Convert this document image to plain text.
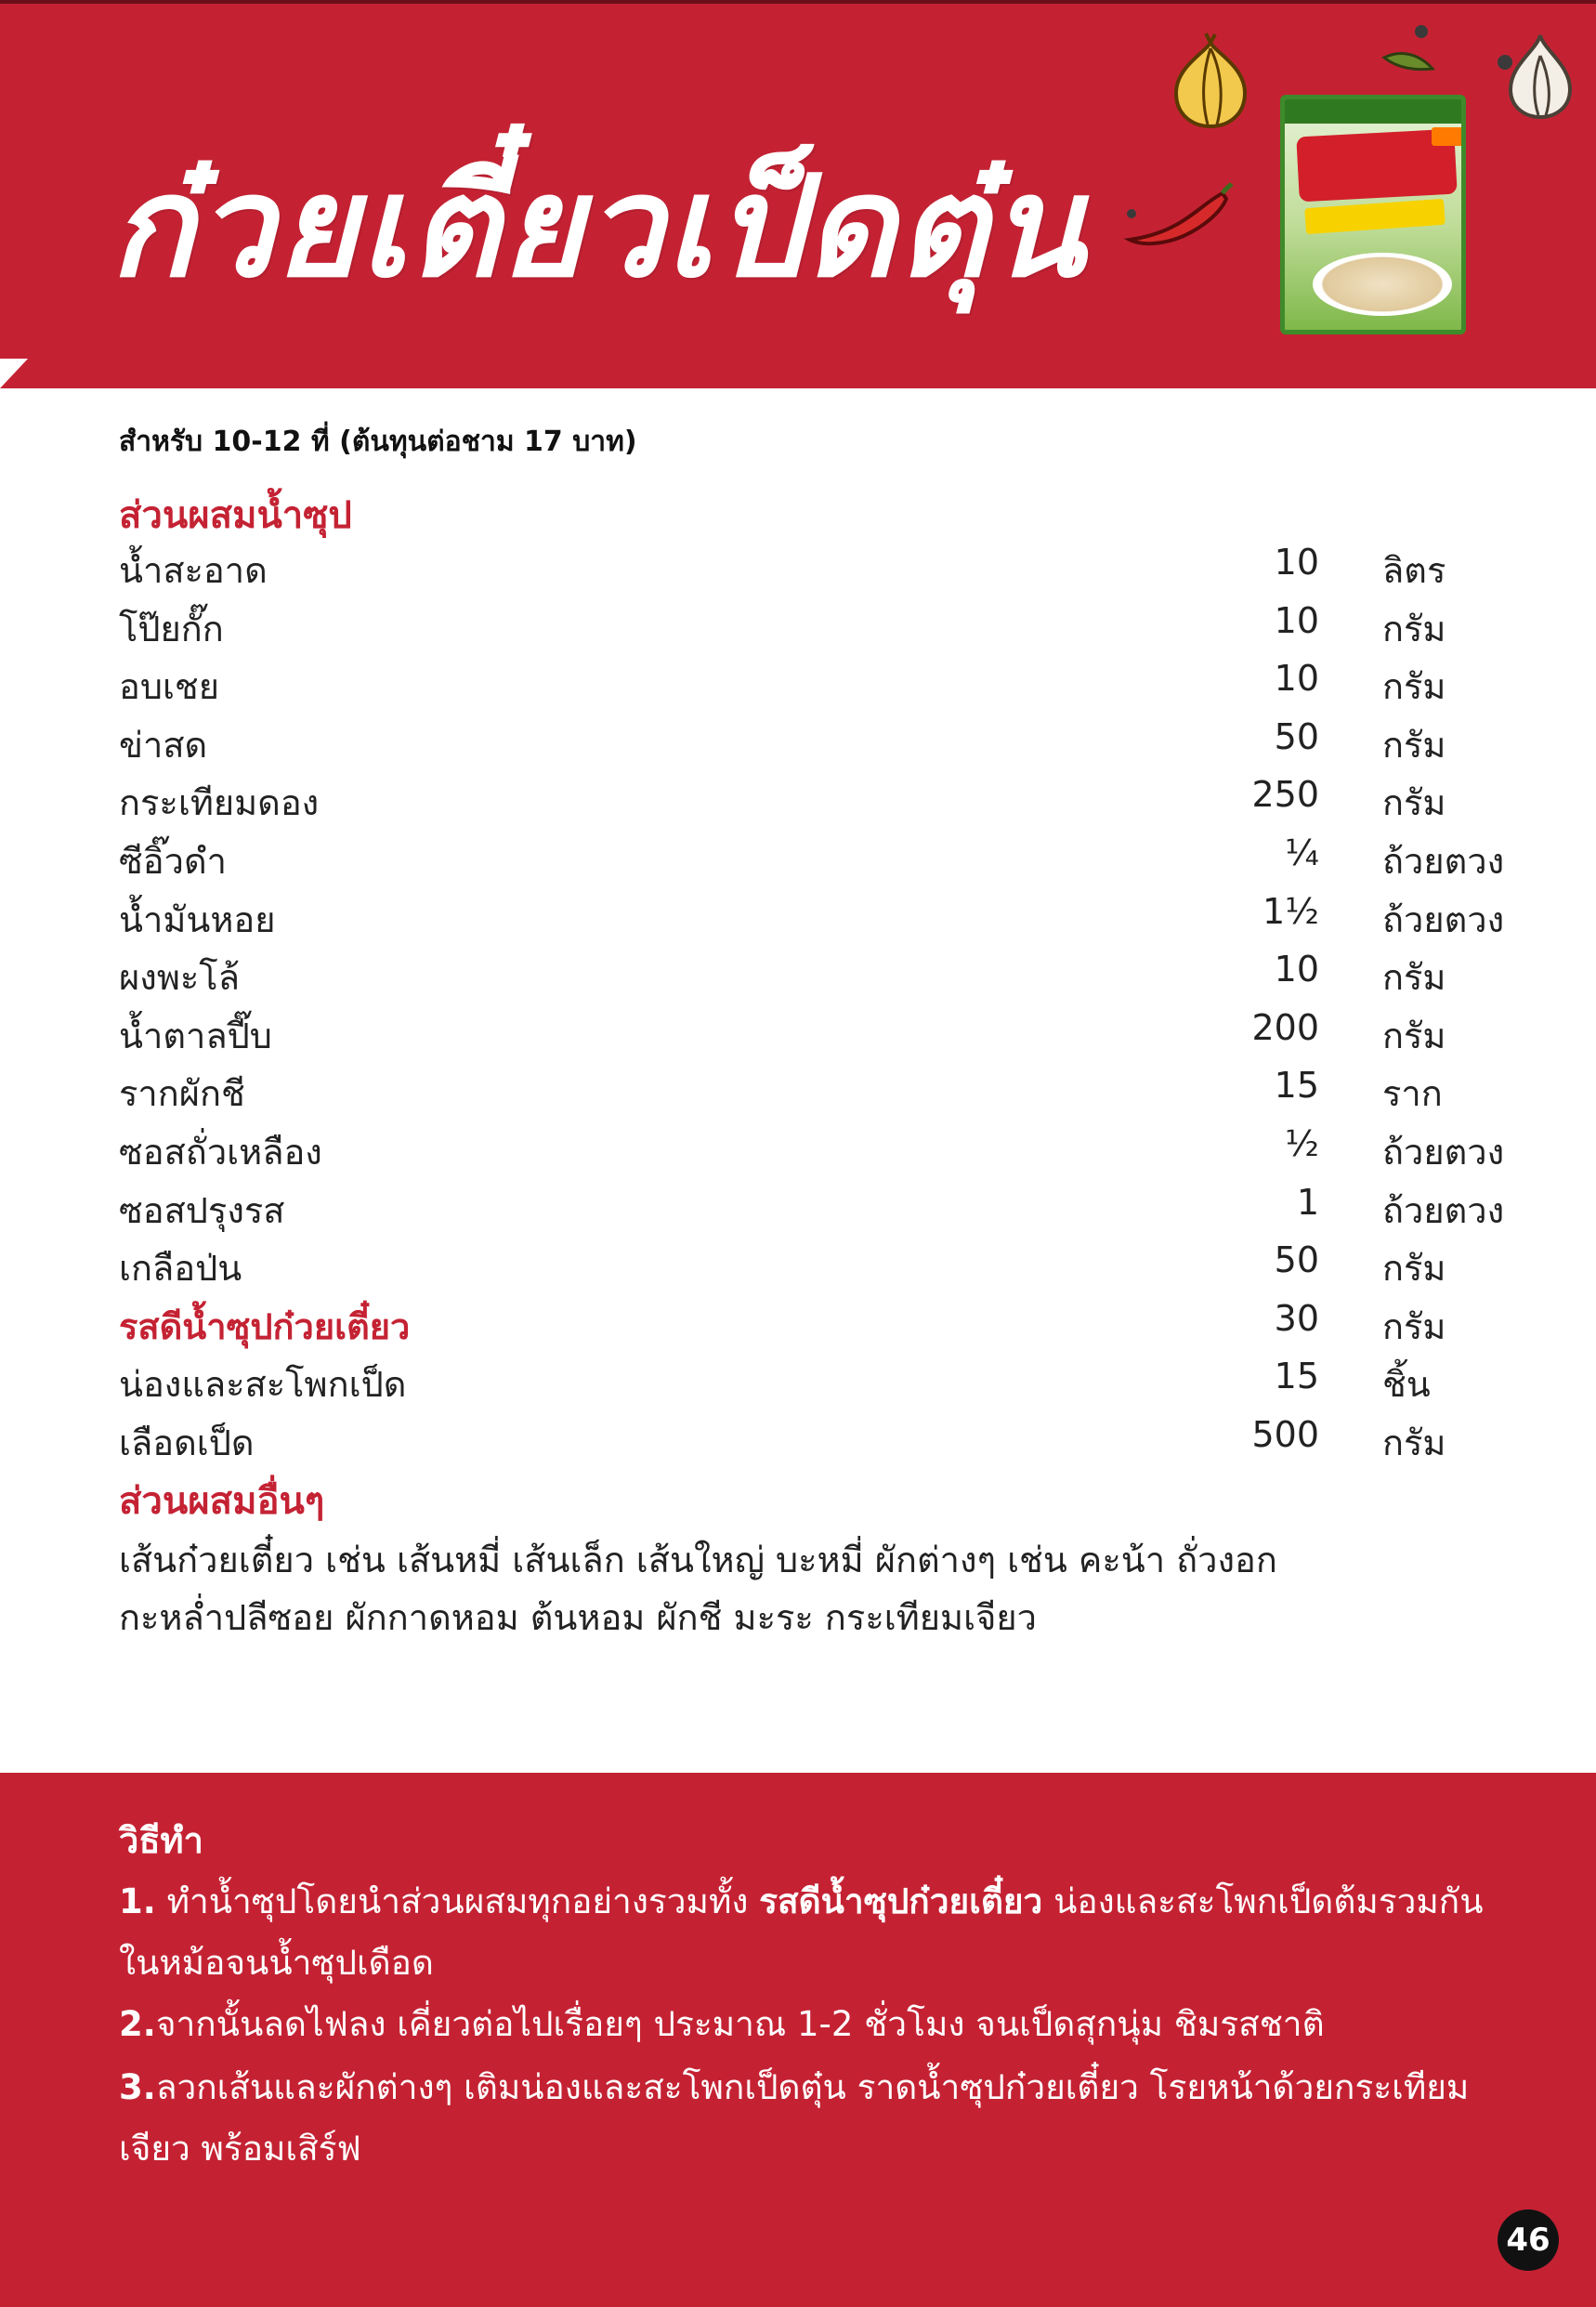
ก๋วยเตี๋ยวเป็ดตุ๋น
สำหรับ 10-12 ที่ (ต้นทุนต่อชาม 17 บาท)
ส่วนผสมน้ำซุป
น้ำสะอาด	10 ลิตร
โป๊ยกั๊ก	10 กรัม
อบเชย	10 กรัม
ข่าสด	50 กรัม
กระเทียมดอง	250 กรัม
ซีอิ๊วดำ	¼ ถ้วยตวง
น้ำมันหอย	1½ ถ้วยตวง
ผงพะโล้	10 กรัม
น้ำตาลปี๊บ	200 กรัม
รากผักชี	15 ราก
ซอสถั่วเหลือง	½ ถ้วยตวง
ซอสปรุงรส	1 ถ้วยตวง
เกลือป่น	50 กรัม
รสดีน้ำซุปก๋วยเตี๋ยว	30 กรัม
น่องและสะโพกเป็ด	15 ชิ้น
เลือดเป็ด	500 กรัม
ส่วนผสมอื่นๆ
เส้นก๋วยเตี๋ยว เช่น เส้นหมี่ เส้นเล็ก เส้นใหญ่ บะหมี่ ผักต่างๆ เช่น คะน้า ถั่วงอก กะหล่ำปลีซอย ผักกาดหอม ต้นหอม ผักชี มะระ กระเทียมเจียว
วิธีทำ
1. ทำน้ำซุปโดยนำส่วนผสมทุกอย่างรวมทั้ง รสดีน้ำซุปก๋วยเตี๋ยว น่องและสะโพกเป็ดต้มรวมกันในหม้อจนน้ำซุปเดือด
2.จากนั้นลดไฟลง เคี่ยวต่อไปเรื่อยๆ ประมาณ 1-2 ชั่วโมง จนเป็ดสุกนุ่ม ชิมรสชาติ
3.ลวกเส้นและผักต่างๆ เติมน่องและสะโพกเป็ดตุ๋น ราดน้ำซุปก๋วยเตี๋ยว โรยหน้าด้วยกระเทียมเจียว พร้อมเสิร์ฟ
46
